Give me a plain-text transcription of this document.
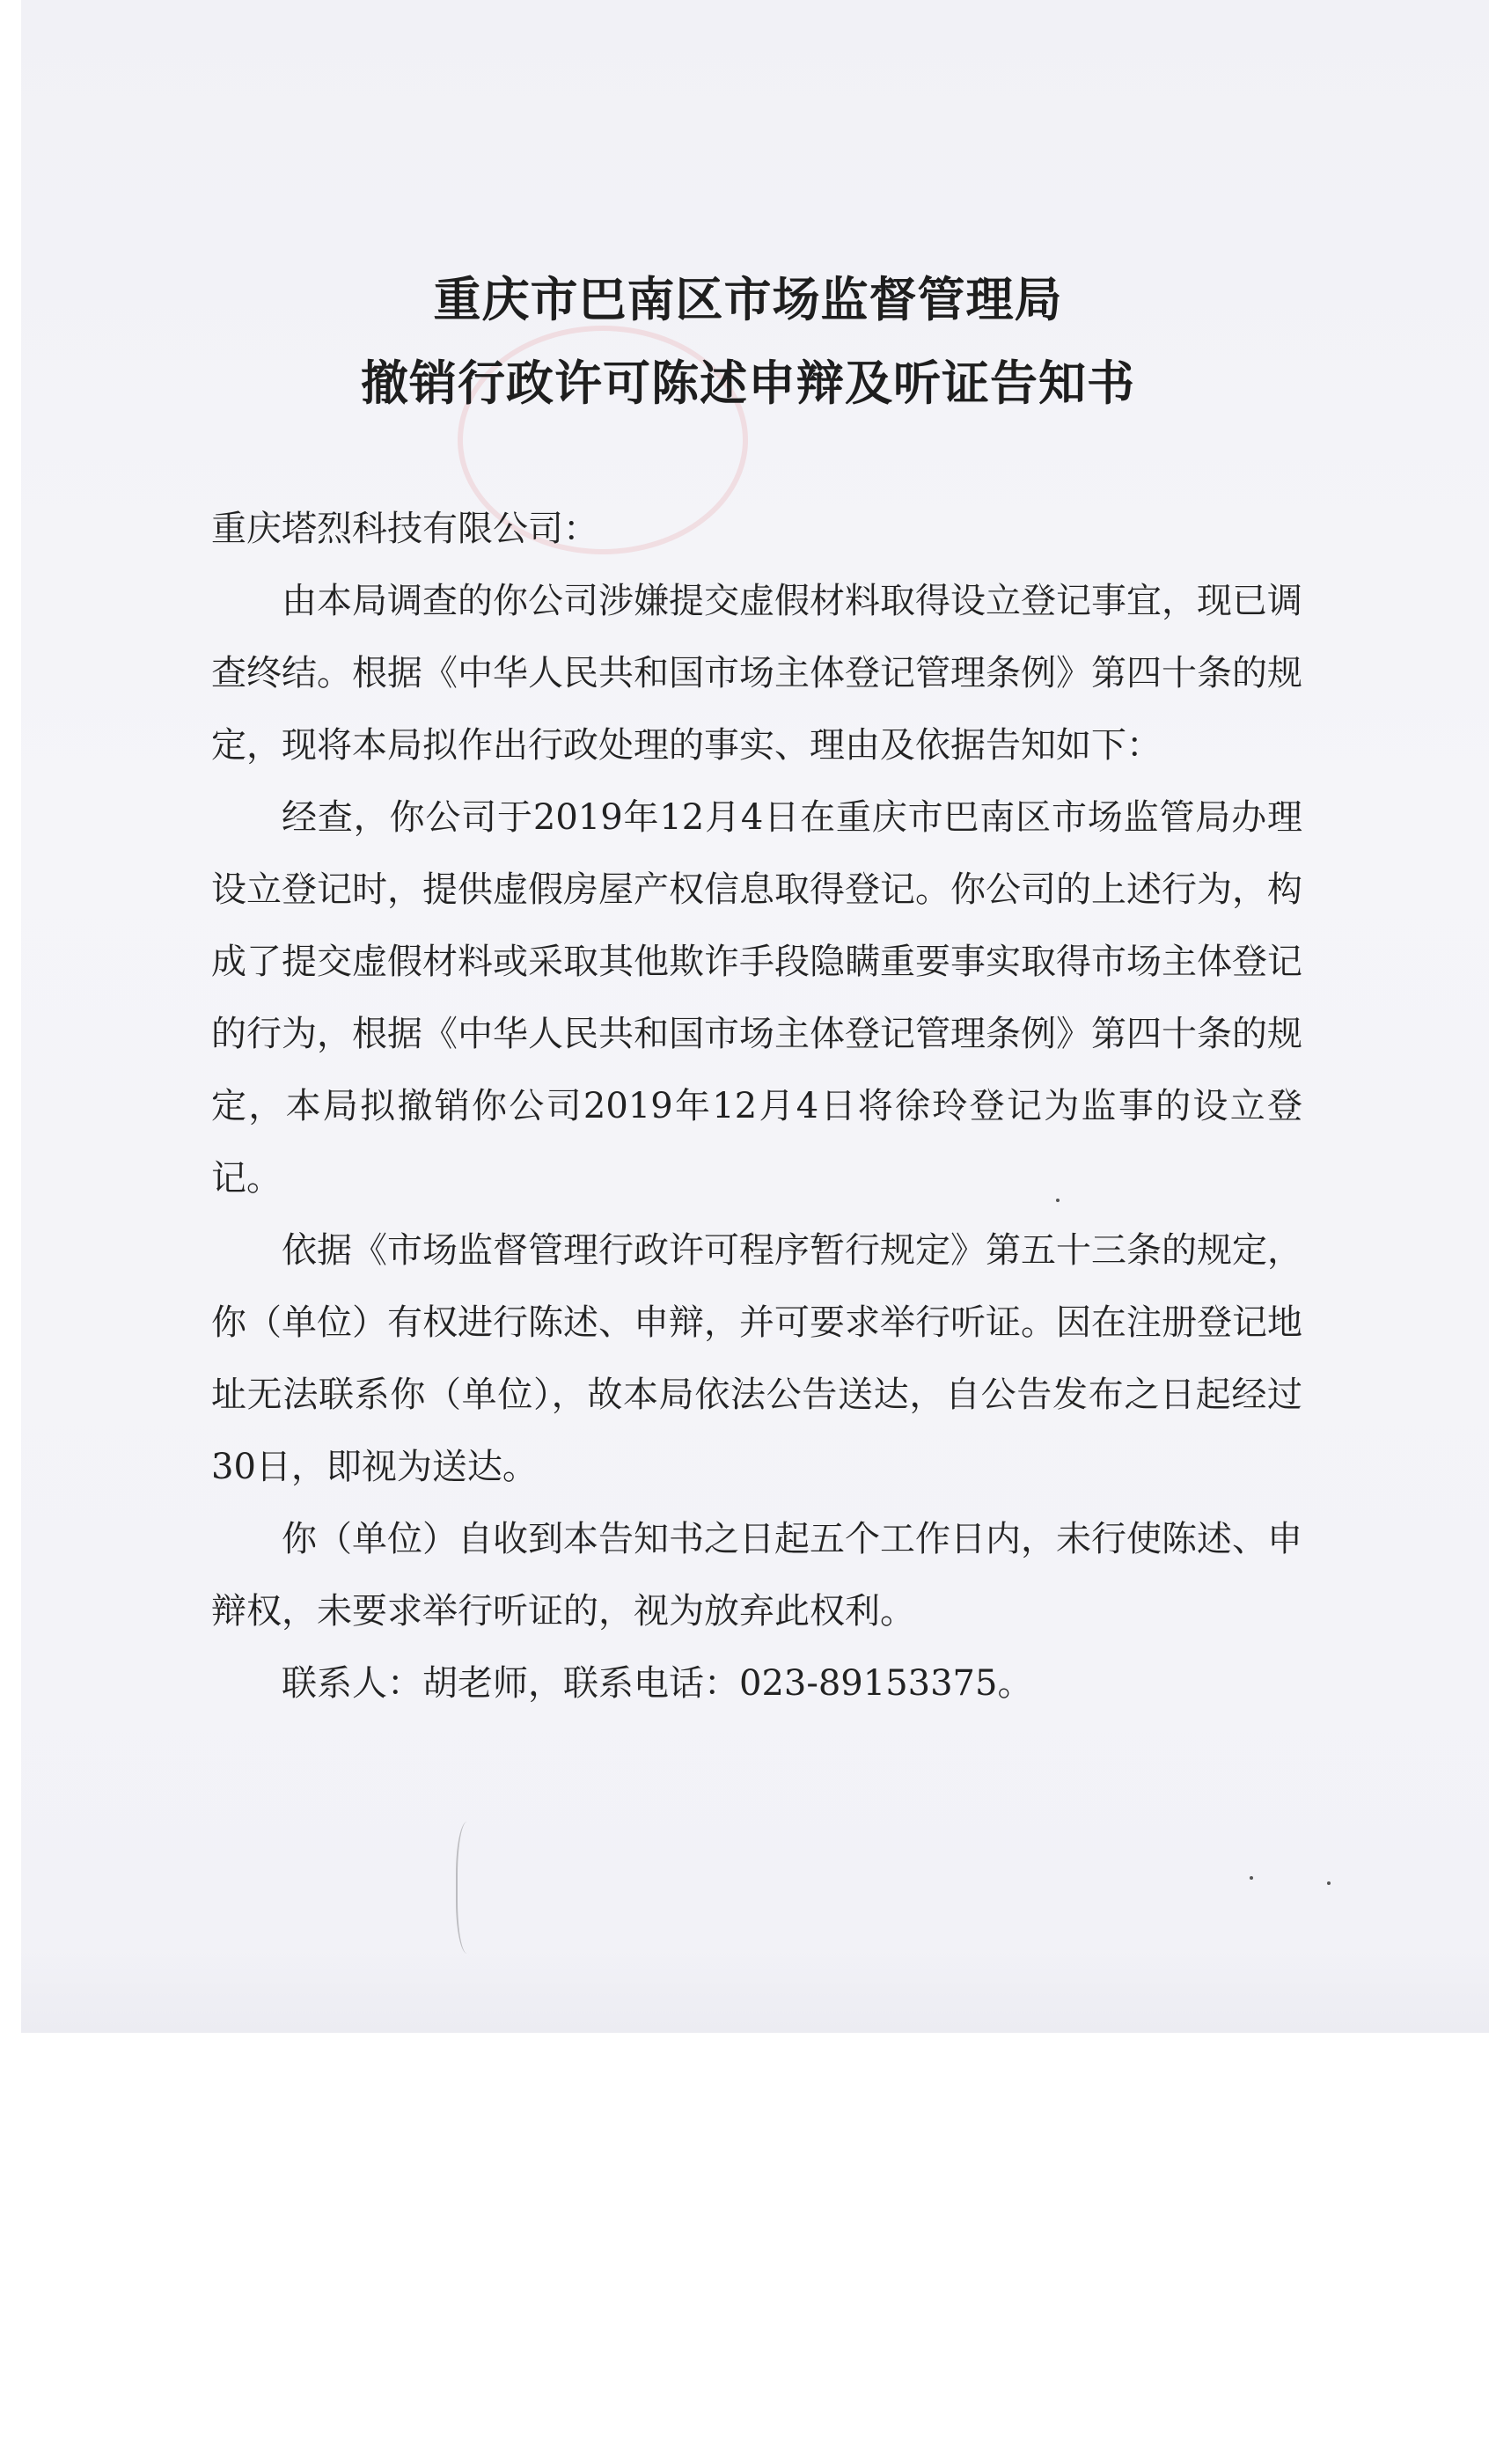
重庆市巴南区市场监督管理局
撤销行政许可陈述申辩及听证告知书

重庆塔烈科技有限公司：

由本局调查的你公司涉嫌提交虚假材料取得设立登记事宜，现已调查终结。根据《中华人民共和国市场主体登记管理条例》第四十条的规定，现将本局拟作出行政处理的事实、理由及依据告知如下：

经查，你公司于2019年12月4日在重庆市巴南区市场监管局办理设立登记时，提供虚假房屋产权信息取得登记。你公司的上述行为，构成了提交虚假材料或采取其他欺诈手段隐瞒重要事实取得市场主体登记的行为，根据《中华人民共和国市场主体登记管理条例》第四十条的规定，本局拟撤销你公司2019年12月4日将徐玲登记为监事的设立登记。

依据《市场监督管理行政许可程序暂行规定》第五十三条的规定，你（单位）有权进行陈述、申辩，并可要求举行听证。因在注册登记地址无法联系你（单位），故本局依法公告送达，自公告发布之日起经过30日，即视为送达。

你（单位）自收到本告知书之日起五个工作日内，未行使陈述、申辩权，未要求举行听证的，视为放弃此权利。

联系人：胡老师，联系电话：023-89153375。
